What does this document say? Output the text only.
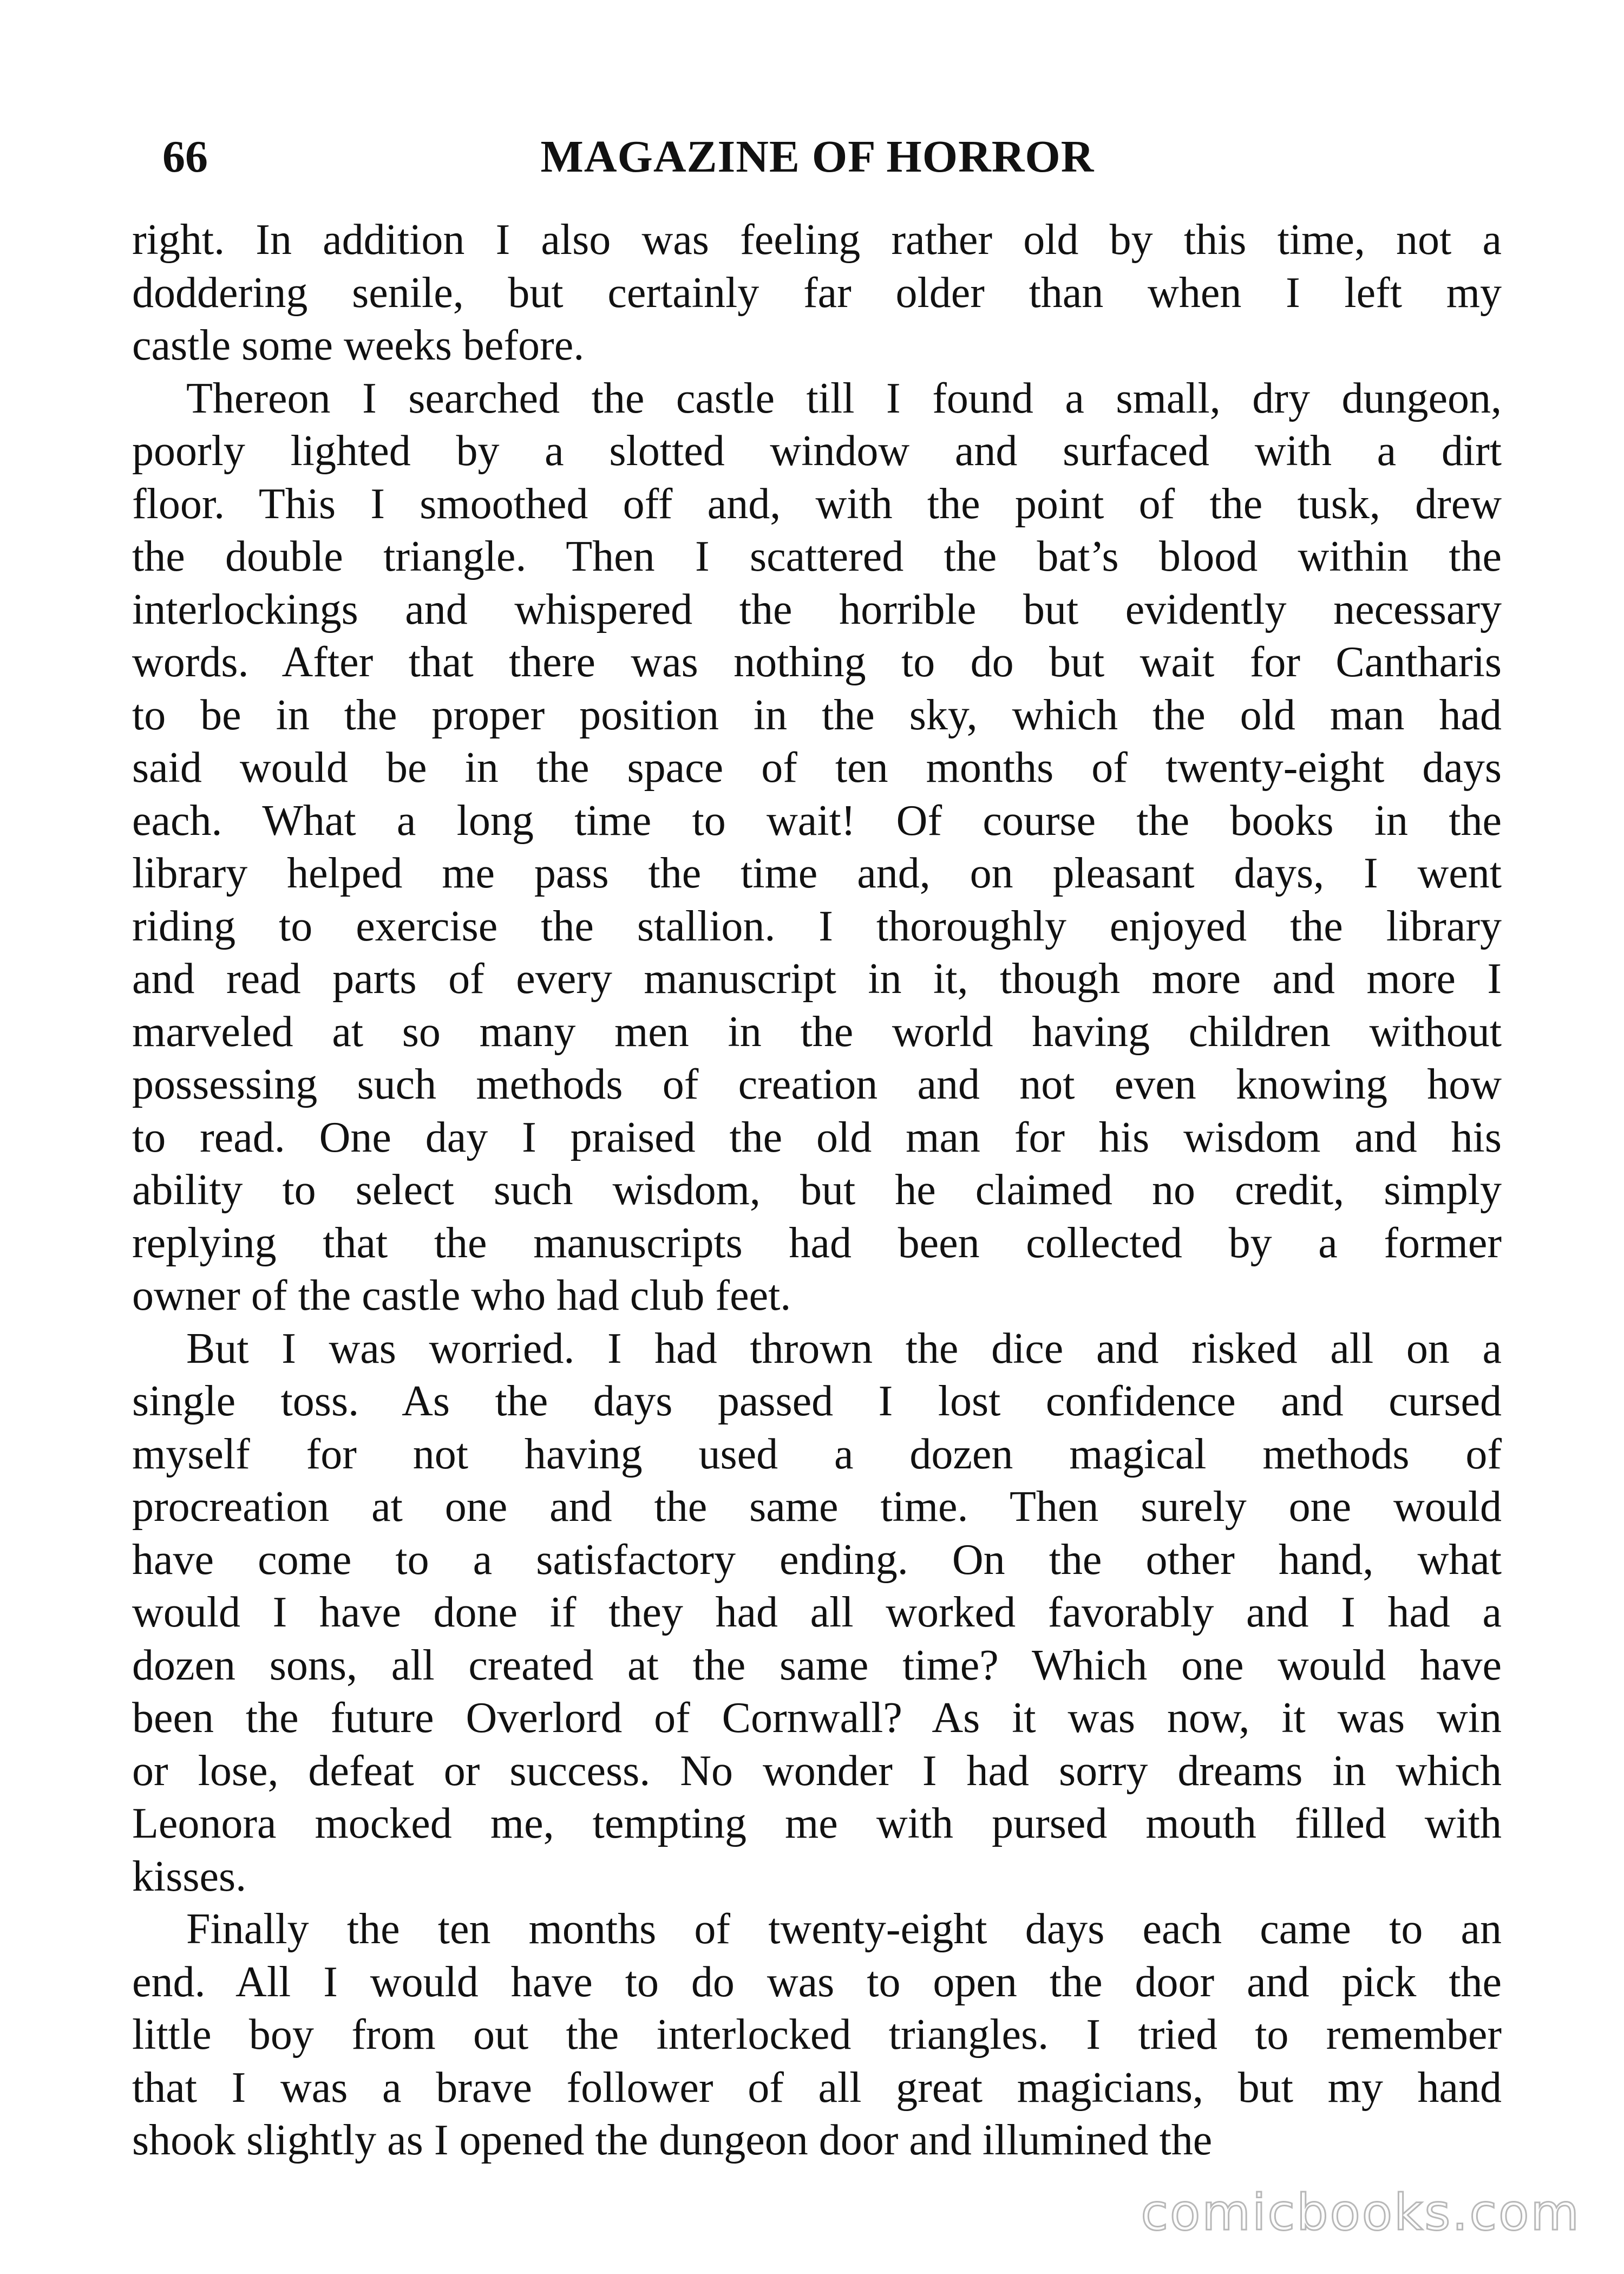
66	MAGAZINE OF HORROR
right. In addition I also was feeling rather old by this time, not a
doddering senile, but certainly far older than when I left my
castle some weeks before.
Thereon I searched the castle till I found a small, dry dungeon,
poorly lighted by a slotted window and surfaced with a dirt
floor. This I smoothed off and, with the point of the tusk, drew
the double triangle. Then I scattered the bat’s blood within the
interlockings and whispered the horrible but evidently necessary
words. After that there was nothing to do but wait for Cantharis
to be in the proper position in the sky, which the old man had
said would be in the space of ten months of twenty-eight days
each. What a long time to wait! Of course the books in the
library helped me pass the time and, on pleasant days, I went
riding to exercise the stallion. I thoroughly enjoyed the library
and read parts of every manuscript in it, though more and more I
marveled at so many men in the world having children without
possessing such methods of creation and not even knowing how
to read. One day I praised the old man for his wisdom and his
ability to select such wisdom, but he claimed no credit, simply
replying that the manuscripts had been collected by a former
owner of the castle who had club feet.
But I was worried. I had thrown the dice and risked all on a
single toss. As the days passed I lost confidence and cursed
myself for not having used a dozen magical methods of
procreation at one and the same time. Then surely one would
have come to a satisfactory ending. On the other hand, what
would I have done if they had all worked favorably and I had a
dozen sons, all created at the same time? Which one would have
been the future Overlord of Cornwall? As it was now, it was win
or lose, defeat or success. No wonder I had sorry dreams in which
Leonora mocked me, tempting me with pursed mouth filled with
kisses.
Finally the ten months of twenty-eight days each came to an
end. All I would have to do was to open the door and pick the
little boy from out the interlocked triangles. I tried to remember
that I was a brave follower of all great magicians, but my hand
shook slightly as I opened the dungeon door and illumined the
comicbooks.com
